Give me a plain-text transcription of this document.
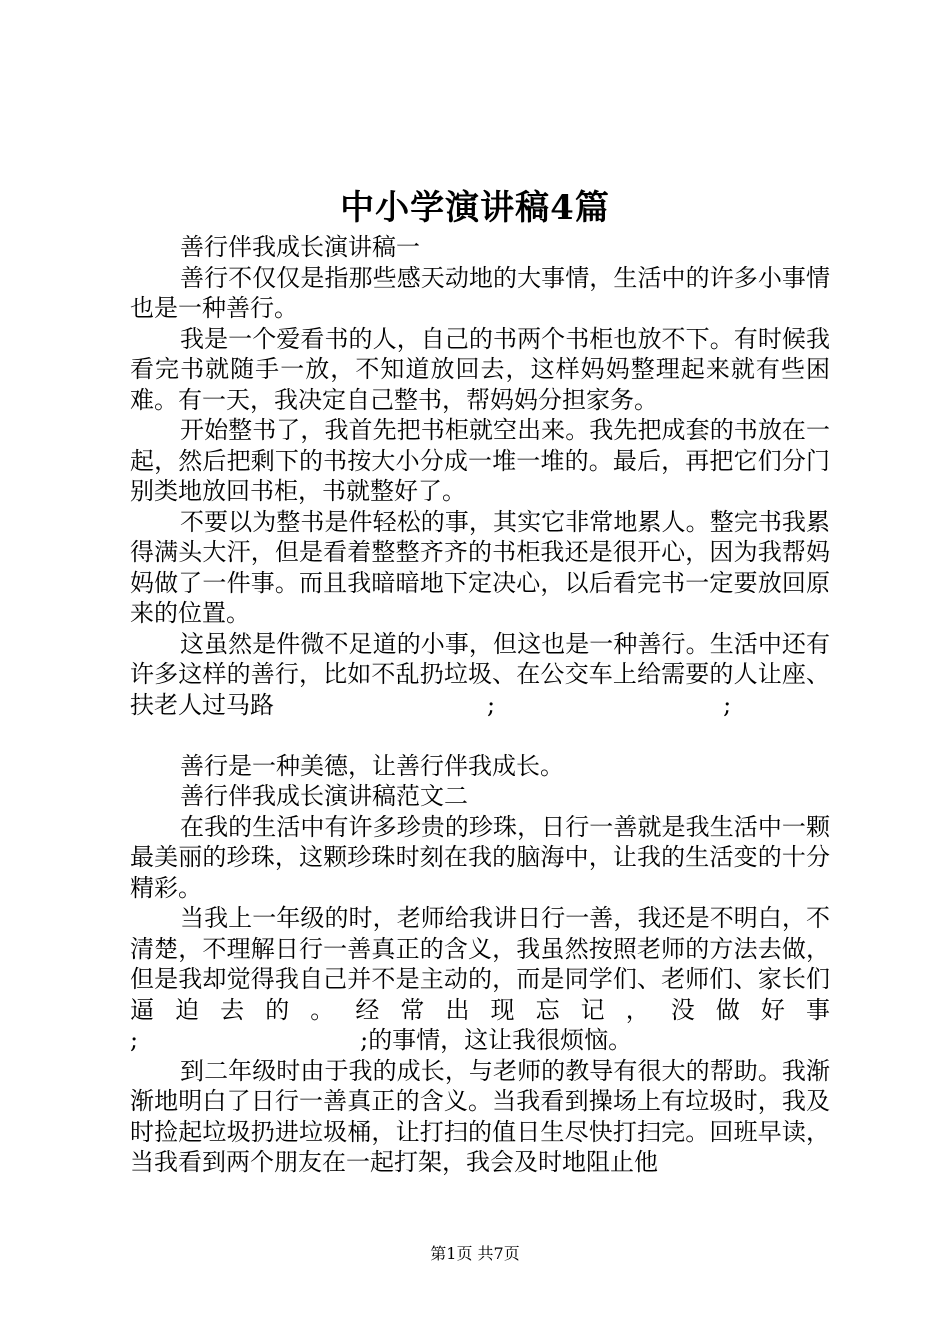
中小学演讲稿4篇

善行伴我成长演讲稿一

善行不仅仅是指那些感天动地的大事情，生活中的许多小事情也是一种善行。

我是一个爱看书的人，自己的书两个书柜也放不下。有时候我看完书就随手一放，不知道放回去，这样妈妈整理起来就有些困难。有一天，我决定自己整书，帮妈妈分担家务。

开始整书了，我首先把书柜就空出来。我先把成套的书放在一起，然后把剩下的书按大小分成一堆一堆的。最后，再把它们分门别类地放回书柜，书就整好了。

不要以为整书是件轻松的事，其实它非常地累人。整完书我累得满头大汗，但是看着整整齐齐的书柜我还是很开心，因为我帮妈妈做了一件事。而且我暗暗地下定决心，以后看完书一定要放回原来的位置。

这虽然是件微不足道的小事，但这也是一种善行。生活中还有许多这样的善行，比如不乱扔垃圾、在公交车上给需要的人让座、扶老人过马路	;	;

善行是一种美德，让善行伴我成长。

善行伴我成长演讲稿范文二

在我的生活中有许多珍贵的珍珠，日行一善就是我生活中一颗最美丽的珍珠，这颗珍珠时刻在我的脑海中，让我的生活变的十分精彩。

当我上一年级的时，老师给我讲日行一善，我还是不明白，不清楚，不理解日行一善真正的含义，我虽然按照老师的方法去做，但是我却觉得我自己并不是主动的，而是同学们、老师们、家长们逼迫去的。经常出现忘记，没做好事

;	;的事情，这让我很烦恼。

到二年级时由于我的成长，与老师的教导有很大的帮助。我渐渐地明白了日行一善真正的含义。当我看到操场上有垃圾时，我及时捡起垃圾扔进垃圾桶，让打扫的值日生尽快打扫完。回班早读，当我看到两个朋友在一起打架，我会及时地阻止他

第1页 共7页
